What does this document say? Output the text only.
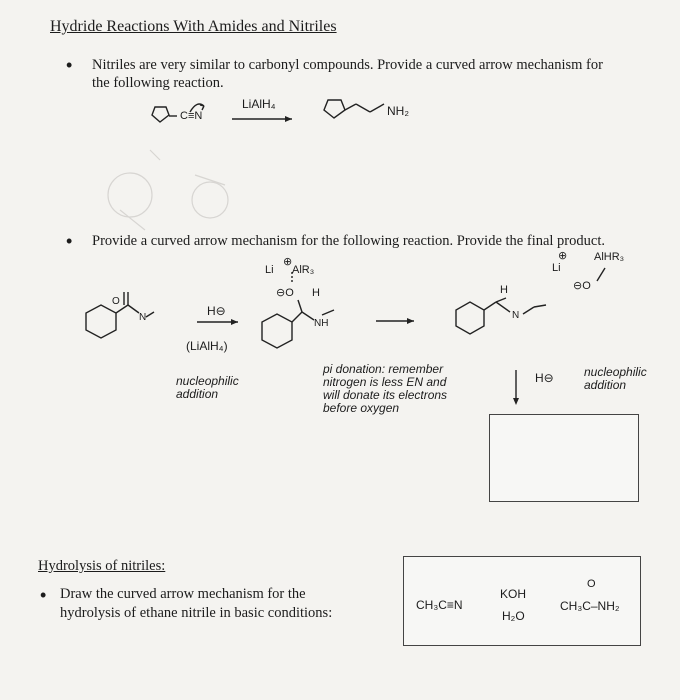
Hydride Reactions With Amides and Nitriles
• Nitriles are very similar to carbonyl compounds. Provide a curved arrow mechanism for
the following reaction.
• Provide a curved arrow mechanism for the following reaction. Provide the final product.
C≡N
LiAlH₄	NH₂
O
N	H⊖
(LiAlH₄)
⊕
Li AlR₃
⊖O H
NH
nucleophilic
addition
pi donation: remember
nitrogen is less EN and
will donate its electrons
before oxygen
H
N
⊕
Li
AlHR₃
⊖O
H⊖	nucleophilic
addition
Hydrolysis of nitriles:
• Draw the curved arrow mechanism for the
hydrolysis of ethane nitrile in basic conditions:	CH₃C≡N
KOH
H₂O
O
CH₃C–NH₂
